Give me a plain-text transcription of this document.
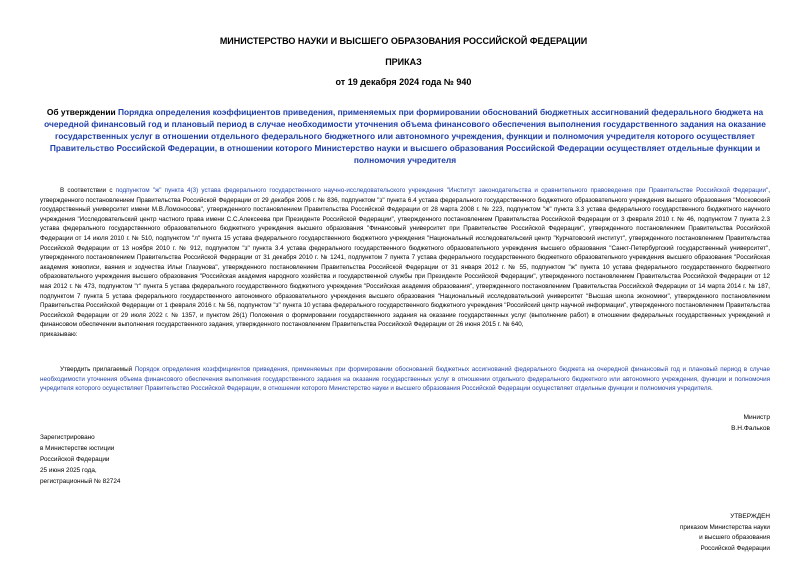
МИНИСТЕРСТВО НАУКИ И ВЫСШЕГО ОБРАЗОВАНИЯ РОССИЙСКОЙ ФЕДЕРАЦИИ
ПРИКАЗ
от 19 декабря 2024 года № 940
Об утверждении Порядка определения коэффициентов приведения, применяемых при формировании обоснований бюджетных ассигнований федерального бюджета на очередной финансовый год и плановый период в случае необходимости уточнения объема финансового обеспечения выполнения государственного задания на оказание государственных услуг в отношении отдельного федерального бюджетного или автономного учреждения, функции и полномочия учредителя которого осуществляет Правительство Российской Федерации, в отношении которого Министерство науки и высшего образования Российской Федерации осуществляет отдельные функции и полномочия учредителя

В соответствии с подпунктом "ж" пункта 4(3) устава федерального государственного научно-исследовательского учреждения "Институт законодательства и сравнительного правоведения при Правительстве Российской Федерации", утвержденного постановлением Правительства Российской Федерации от 29 декабря 2006 г. № 836, подпунктом "з" пункта 6.4 устава федерального государственного бюджетного образовательного учреждения высшего образования "Московский государственный университет имени М.В.Ломоносова", утвержденного постановлением Правительства Российской Федерации от 28 марта 2008 г. № 223, подпунктом "ж" пункта 3.3 устава федерального государственного бюджетного научного учреждения "Исследовательский центр частного права имени С.С.Алексеева при Президенте Российской Федерации", утвержденного постановлением Правительства Российской Федерации от 3 февраля 2010 г. № 46, подпунктом 7 пункта 2.3 устава федерального государственного образовательного бюджетного учреждения высшего образования "Финансовый университет при Правительстве Российской Федерации", утвержденного постановлением Правительства Российской Федерации от 14 июля 2010 г. № 510, подпунктом "л" пункта 15 устава федерального государственного бюджетного учреждения "Национальный исследовательский центр "Курчатовский институт", утвержденного постановлением Правительства Российской Федерации от 13 ноября 2010 г. № 912, подпунктом "з" пункта 3.4 устава федерального государственного бюджетного образовательного учреждения высшего образования "Санкт-Петербургский государственный университет", утвержденного постановлением Правительства Российской Федерации от 31 декабря 2010 г. № 1241, подпунктом 7 пункта 7 устава федерального государственного бюджетного образовательного учреждения высшего образования "Российская академия живописи, ваяния и зодчества Ильи Глазунова", утвержденного постановлением Правительства Российской Федерации от 31 января 2012 г. № 55, подпунктом "ж" пункта 10 устава федерального государственного бюджетного образовательного учреждения высшего образования "Российская академия народного хозяйства и государственной службы при Президенте Российской Федерации", утвержденного постановлением Правительства Российской Федерации от 12 мая 2012 г. № 473, подпунктом "г" пункта 5 устава федерального государственного бюджетного учреждения "Российская академия образования", утвержденного постановлением Правительства Российской Федерации от 14 марта 2014 г. № 187, подпунктом 7 пункта 5 устава федерального государственного автономного образовательного учреждения высшего образования "Национальный исследовательский университет "Высшая школа экономики", утвержденного постановлением Правительства Российской Федерации от 1 февраля 2016 г. № 56, подпунктом "з" пункта 10 устава федерального государственного бюджетного учреждения "Российский центр научной информации", утвержденного постановлением Правительства Российской Федерации от 29 июля 2022 г. № 1357, и пунктом 26(1) Положения о формировании государственного задания на оказание государственных услуг (выполнение работ) в отношении федеральных государственных учреждений и финансовом обеспечении выполнения государственного задания, утвержденного постановлением Правительства Российской Федерации от 26 июня 2015 г. № 640,

приказываю:

Утвердить прилагаемый Порядок определения коэффициентов приведения, применяемых при формировании обоснований бюджетных ассигнований федерального бюджета на очередной финансовый год и плановый период в случае необходимости уточнения объема финансового обеспечения выполнения государственного задания на оказание государственных услуг в отношении отдельного федерального бюджетного или автономного учреждения, функции и полномочия учредителя которого осуществляет Правительство Российской Федерации, в отношении которого Министерство науки и высшего образования Российской Федерации осуществляет отдельные функции и полномочия учредителя.

Министр
В.Н.Фальков
Зарегистрировано
в Министерстве юстиции
Российской Федерации
25 июня 2025 года,
регистрационный № 82724
УТВЕРЖДЕН
приказом Министерства науки
и высшего образования
Российской Федерации
